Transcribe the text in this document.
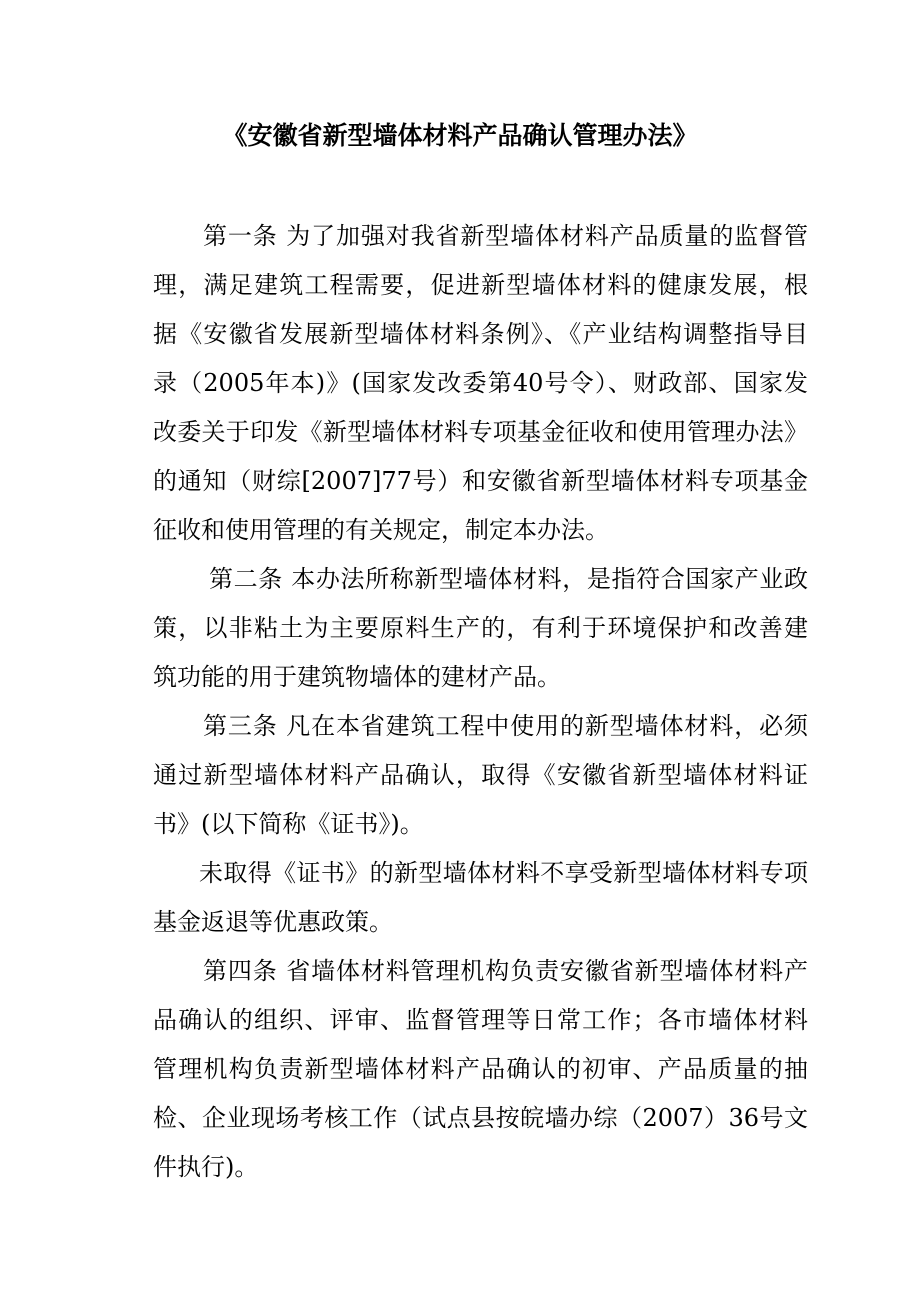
《安徽省新型墙体材料产品确认管理办法》
第一条 为了加强对我省新型墙体材料产品质量的监督管
理，满足建筑工程需要，促进新型墙体材料的健康发展，根
据《安徽省发展新型墙体材料条例》、《产业结构调整指导目
录（2005年本)》(国家发改委第40号令）、财政部、国家发
改委关于印发《新型墙体材料专项基金征收和使用管理办法》
的通知（财综[2007]77号）和安徽省新型墙体材料专项基金
征收和使用管理的有关规定，制定本办法。
第二条 本办法所称新型墙体材料，是指符合国家产业政
策，以非粘土为主要原料生产的，有利于环境保护和改善建
筑功能的用于建筑物墙体的建材产品。
第三条 凡在本省建筑工程中使用的新型墙体材料，必须
通过新型墙体材料产品确认，取得《安徽省新型墙体材料证
书》(以下简称《证书》)。
未取得《证书》的新型墙体材料不享受新型墙体材料专项
基金返退等优惠政策。
第四条 省墙体材料管理机构负责安徽省新型墙体材料产
品确认的组织、评审、监督管理等日常工作；各市墙体材料
管理机构负责新型墙体材料产品确认的初审、产品质量的抽
检、企业现场考核工作（试点县按皖墙办综（2007）36号文
件执行)。
